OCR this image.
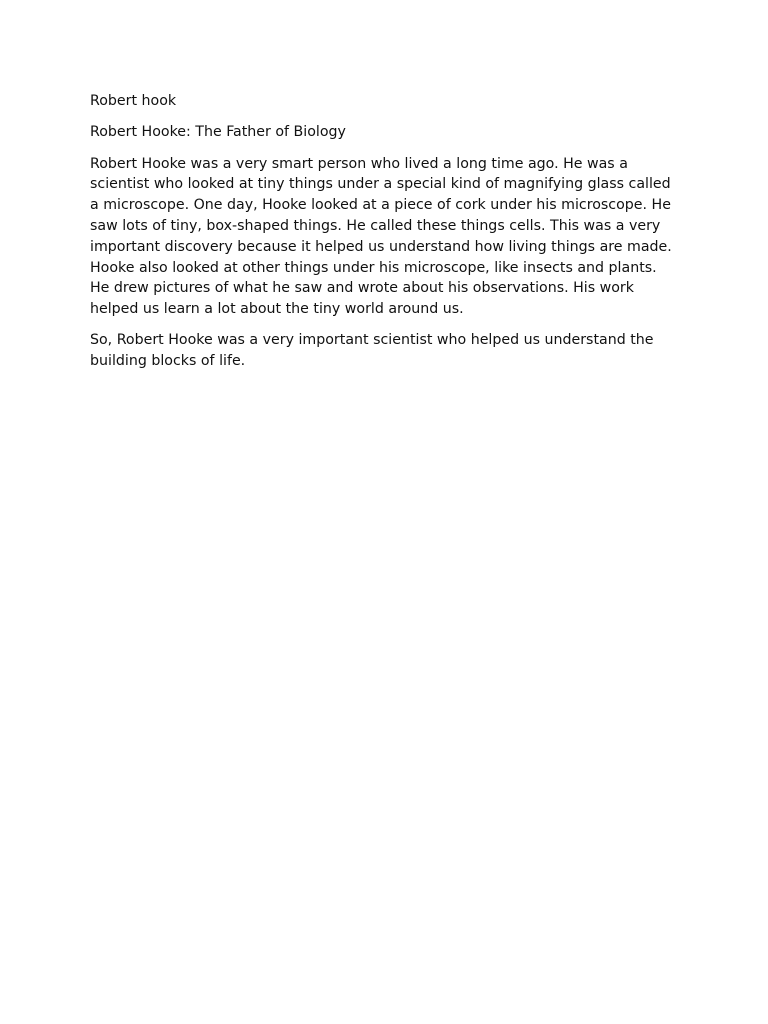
Robert hook

Robert Hooke: The Father of Biology

Robert Hooke was a very smart person who lived a long time ago. He was a scientist who looked at tiny things under a special kind of magnifying glass called a microscope. One day, Hooke looked at a piece of cork under his microscope. He saw lots of tiny, box-shaped things. He called these things cells. This was a very important discovery because it helped us understand how living things are made. Hooke also looked at other things under his microscope, like insects and plants. He drew pictures of what he saw and wrote about his observations. His work helped us learn a lot about the tiny world around us.

So, Robert Hooke was a very important scientist who helped us understand the building blocks of life.
